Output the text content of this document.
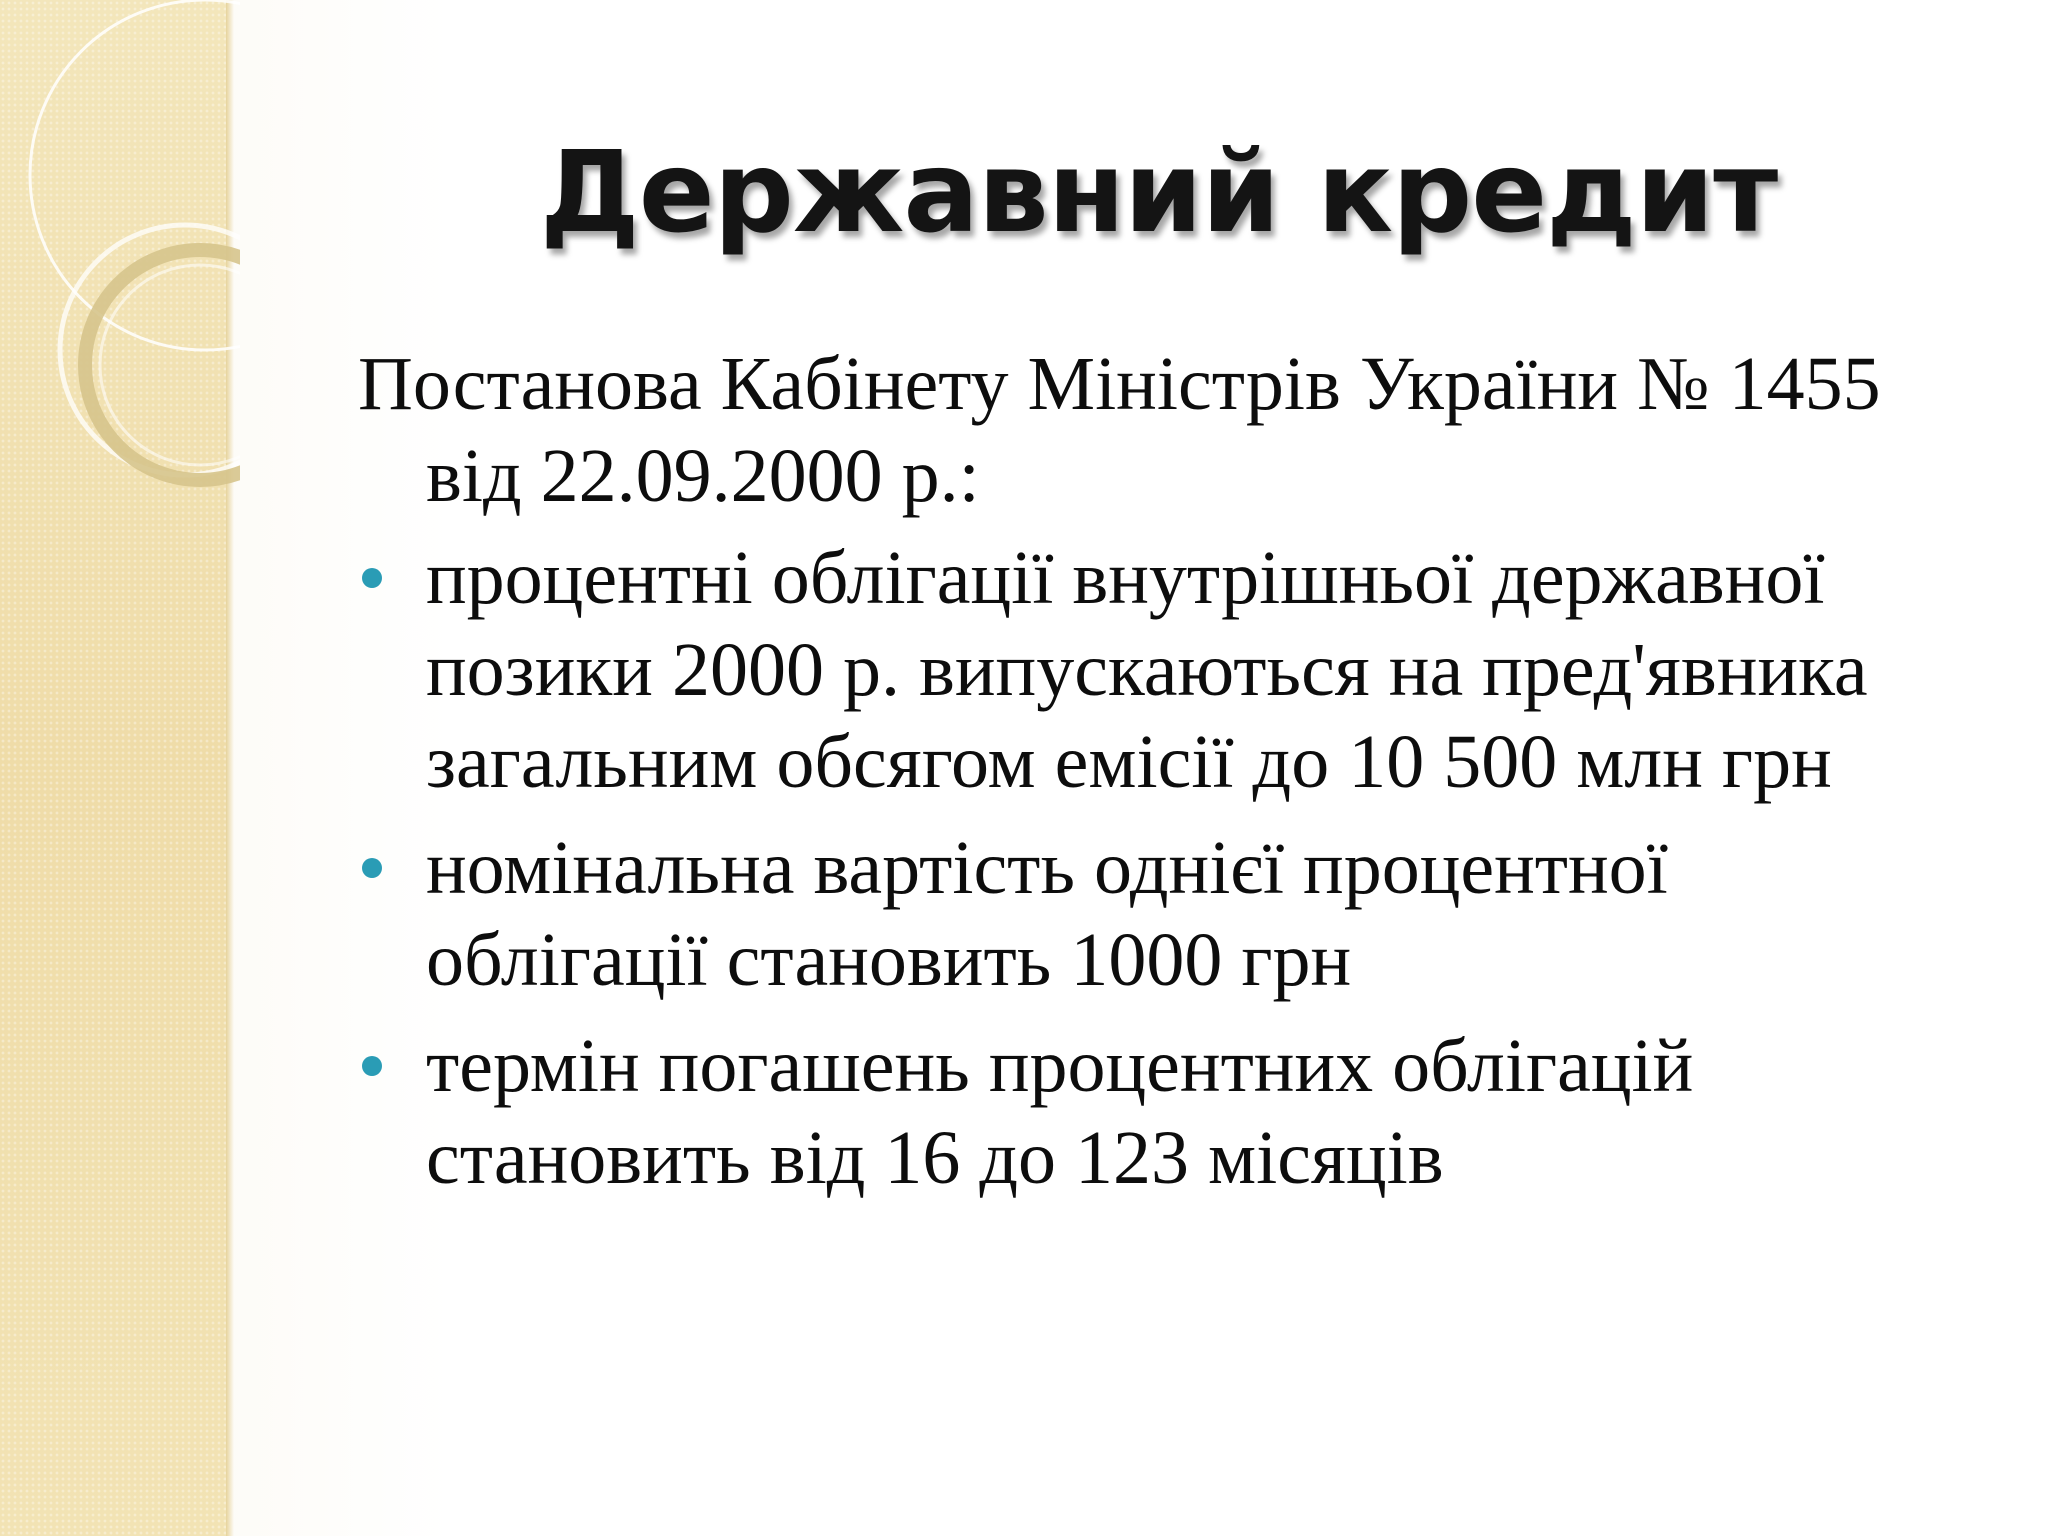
Державний кредит

Постанова Кабінету Міністрів України № 1455 від 22.09.2000 р.:

процентні облігації внутрішньої державної позики 2000 р. випускаються на пред'явника загальним обсягом емісії до 10 500 млн грн
номінальна вартість однієї процентної облігації становить 1000 грн
термін погашень процентних облігацій становить від 16 до 123 місяців
